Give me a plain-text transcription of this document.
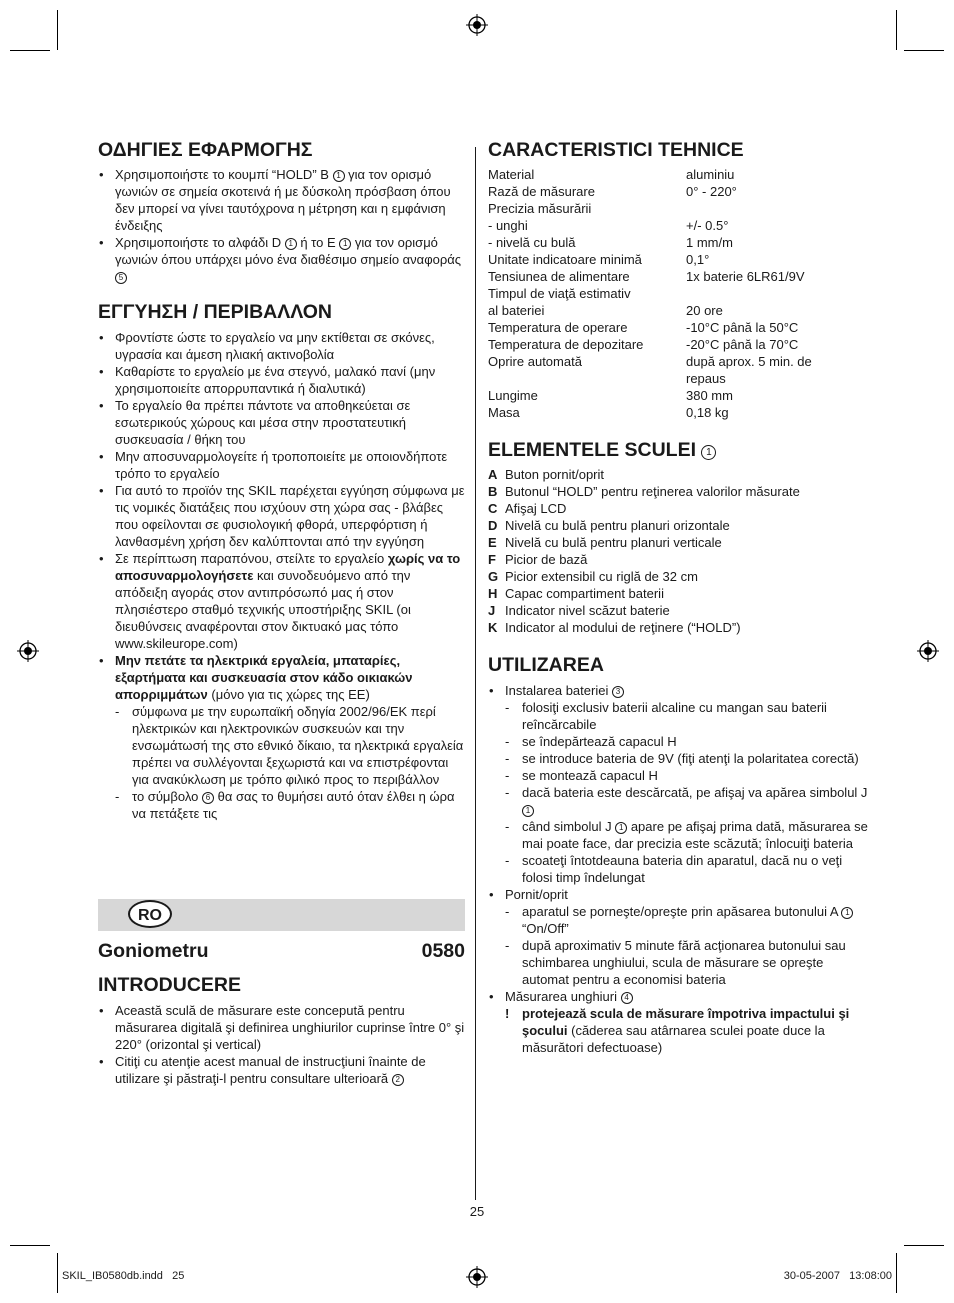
ΟΔΗΓΙΕΣ ΕΦΑΡΜΟΓΗΣ
• Χρησιμοποιήστε το κουμπί “HOLD” B 1 για τον ορισμό γωνιών σε σημεία σκοτεινά ή με δύσκολη πρόσβαση όπου δεν μπορεί να γίνει ταυτόχρονα η μέτρηση και η εμφάνιση ένδειξης
• Χρησιμοποιήστε το αλφάδι D 1 ή το E 1 για τον ορισμό γωνιών όπου υπάρχει μόνο ένα διαθέσιμο σημείο αναφοράς 5
ΕΓΓΥΗΣΗ / ΠΕΡΙΒΑΛΛΟΝ
• Φροντίστε ώστε το εργαλείο να μην εκτίθεται σε σκόνες, υγρασία και άμεση ηλιακή ακτινοβολία
• Καθαρίστε το εργαλείο με ένα στεγνό, μαλακό πανί (μην χρησιμοποιείτε απορρυπαντικά ή διαλυτικά)
• Το εργαλείο θα πρέπει πάντοτε να αποθηκεύεται σε εσωτερικούς χώρους και μέσα στην προστατευτική συσκευασία / θήκη του
• Μην αποσυναρμολογείτε ή τροποποιείτε με οποιονδήποτε τρόπο το εργαλείο
• Για αυτό το προϊόν της SKIL παρέχεται εγγύηση σύμφωνα με τις νομικές διατάξεις που ισχύουν στη χώρα σας - βλάβες που οφείλονται σε φυσιολογική φθορά, υπερφόρτιση ή λανθασμένη χρήση δεν καλύπτονται από την εγγύηση
• Σε περίπτωση παραπόνου, στείλτε το εργαλείο χωρίς να το αποσυναρμολογήσετε και συνοδευόμενο από την απόδειξη αγοράς στον αντιπρόσωπό μας ή στον πλησιέστερο σταθμό τεχνικής υποστήριξης SKIL (οι διευθύνσεις αναφέρονται στον δικτυακό μας τόπο www.skileurope.com)
• Μην πετάτε τα ηλεκτρικά εργαλεία, μπαταρίες, εξαρτήματα και συσκευασία στον κάδο οικιακών απορριμμάτων (μόνο για τις χώρες της ΕΕ)
- σύμφωνα με την ευρωπαϊκή οδηγία 2002/96/ΕΚ περί ηλεκτρικών και ηλεκτρονικών συσκευών και την ενσωμάτωσή της στο εθνικό δίκαιο, τα ηλεκτρικά εργαλεία πρέπει να συλλέγονται ξεχωριστά και να επιστρέφονται για ανακύκλωση με τρόπο φιλικό προς το περιβάλλον
- το σύμβολο 6 θα σας το θυμήσει αυτό όταν έλθει η ώρα να πετάξετε τις
RO
Goniometru	0580
INTRODUCERE
• Această sculă de măsurare este concepută pentru măsurarea digitală şi definirea unghiurilor cuprinse între 0° şi 220° (orizontal şi vertical)
• Citiţi cu atenţie acest manual de instrucţiuni înainte de utilizare şi păstraţi-l pentru consultare ulterioară 2
CARACTERISTICI TEHNICE
Material	aluminiu
Rază de măsurare	0° - 220°
Precizia măsurării
- unghi	+/- 0.5°
- nivelă cu bulă	1 mm/m
Unitate indicatoare minimă	0,1°
Tensiunea de alimentare	1x baterie 6LR61/9V
Timpul de viaţă estimativ
al bateriei	20 ore
Temperatura de operare	-10°C până la 50°C
Temperatura de depozitare	-20°C până la 70°C
Oprire automată	după aprox. 5 min. de repaus
Lungime	380 mm
Masa	0,18 kg
ELEMENTELE SCULEI 1
A Buton pornit/oprit
B Butonul “HOLD” pentru reţinerea valorilor măsurate
C Afişaj LCD
D Nivelă cu bulă pentru planuri orizontale
E Nivelă cu bulă pentru planuri verticale
F Picior de bază
G Picior extensibil cu riglă de 32 cm
H Capac compartiment baterii
J Indicator nivel scăzut baterie
K Indicator al modului de reţinere (“HOLD”)
UTILIZAREA
• Instalarea bateriei 3
- folosiţi exclusiv baterii alcaline cu mangan sau baterii reîncărcabile
- se îndepărtează capacul H
- se introduce bateria de 9V (fiţi atenţi la polaritatea corectă)
- se montează capacul H
- dacă bateria este descărcată, pe afişaj va apărea simbolul J 1
- când simbolul J 1 apare pe afişaj prima dată, măsurarea se mai poate face, dar precizia este scăzută; înlocuiţi bateria
- scoateţi întotdeauna bateria din aparatul, dacă nu o veţi folosi timp îndelungat
• Pornit/oprit
- aparatul se porneşte/opreşte prin apăsarea butonului A 1 “On/Off”
- după aproximativ 5 minute fără acţionarea butonului sau schimbarea unghiului, scula de măsurare se opreşte automat pentru a economisi bateria
• Măsurarea unghiuri 4
! protejează scula de măsurare împotriva impactului şi şocului (căderea sau atârnarea sculei poate duce la măsurători defectuoase)
25
SKIL_IB0580db.indd   25	30-05-2007   13:08:00
